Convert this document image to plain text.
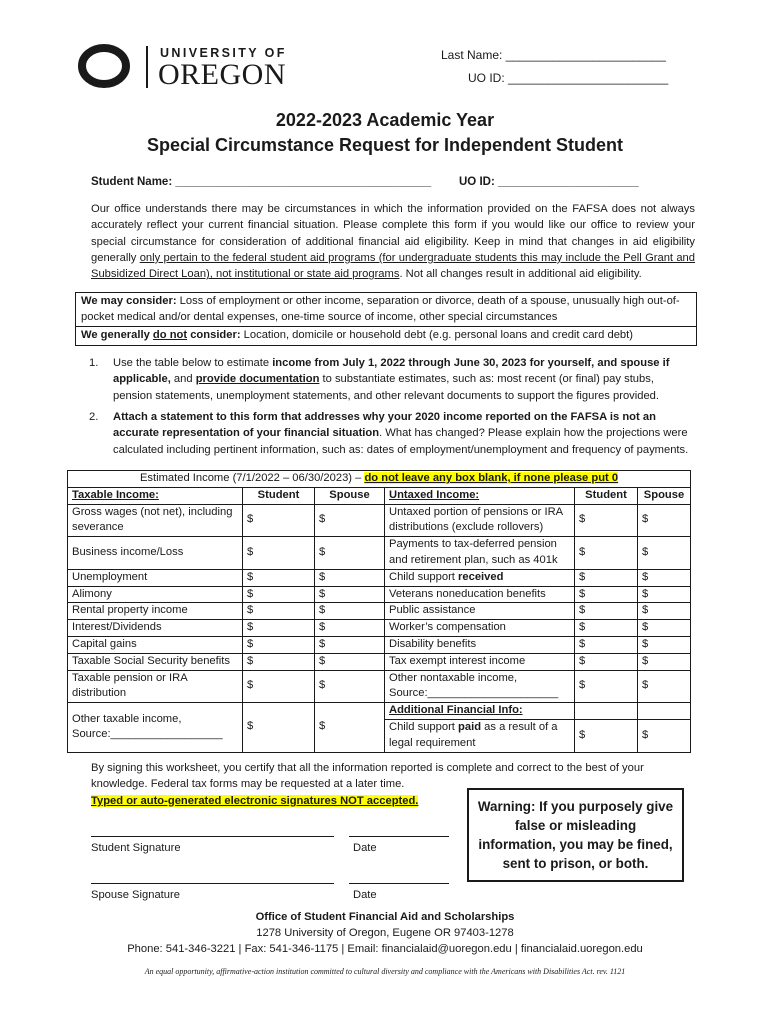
UNIVERSITY OF
OREGON
Last Name: ________________________
UO ID: ________________________
2022-2023 Academic Year
Special Circumstance Request for Independent Student
Student Name: ________________________________________ UO ID: ______________________
Our office understands there may be circumstances in which the information provided on the FAFSA does not always accurately reflect your current financial situation. Please complete this form if you would like our office to review your special circumstance for consideration of additional financial aid eligibility. Keep in mind that changes in aid eligibility generally only pertain to the federal student aid programs (for undergraduate students this may include the Pell Grant and Subsidized Direct Loan), not institutional or state aid programs. Not all changes result in additional aid eligibility.
We may consider: Loss of employment or other income, separation or divorce, death of a spouse, unusually high out-of-pocket medical and/or dental expenses, one-time source of income, other special circumstances
We generally do not consider: Location, domicile or household debt (e.g. personal loans and credit card debt)
1. Use the table below to estimate income from July 1, 2022 through June 30, 2023 for yourself, and spouse if applicable, and provide documentation to substantiate estimates, such as: most recent (or final) pay stubs, pension statements, unemployment statements, and other relevant documents to support the figures provided.
2. Attach a statement to this form that addresses why your 2020 income reported on the FAFSA is not an accurate representation of your financial situation. What has changed? Please explain how the projections were calculated including pertinent information, such as: dates of employment/unemployment and frequency of payments.
Estimated Income (7/1/2022 – 06/30/2023) – do not leave any box blank, if none please put 0					
Taxable Income:	Student	Spouse	Untaxed Income:	Student	Spouse
Gross wages (not net), including severance	$	$	Untaxed portion of pensions or IRA distributions (exclude rollovers)	$	$
Business income/Loss	$	$	Payments to tax-deferred pension and retirement plan, such as 401k	$	$
Unemployment	$	$	Child support received	$	$
Alimony	$	$	Veterans noneducation benefits	$	$
Rental property income	$	$	Public assistance	$	$
Interest/Dividends	$	$	Worker’s compensation	$	$
Capital gains	$	$	Disability benefits	$	$
Taxable Social Security benefits	$	$	Tax exempt interest income	$	$
Taxable pension or IRA distribution	$	$	Other nontaxable income, Source:_____________________	$	$
Other taxable income, Source:__________________	$	$	Additional Financial Info:		
			Child support paid as a result of a legal requirement	$	$
By signing this worksheet, you certify that all the information reported is complete and correct to the best of your knowledge. Federal tax forms may be requested at a later time.
Typed or auto-generated electronic signatures NOT accepted.	Warning: If you purposely give false or misleading information, you may be fined, sent to prison, or both.
Student Signature	Date
Spouse Signature	Date
Office of Student Financial Aid and Scholarships
1278 University of Oregon, Eugene OR 97403-1278
Phone: 541-346-3221 | Fax: 541-346-1175 | Email: financialaid@uoregon.edu | financialaid.uoregon.edu
An equal opportunity, affirmative-action institution committed to cultural diversity and compliance with the Americans with Disabilities Act. rev. 1121
